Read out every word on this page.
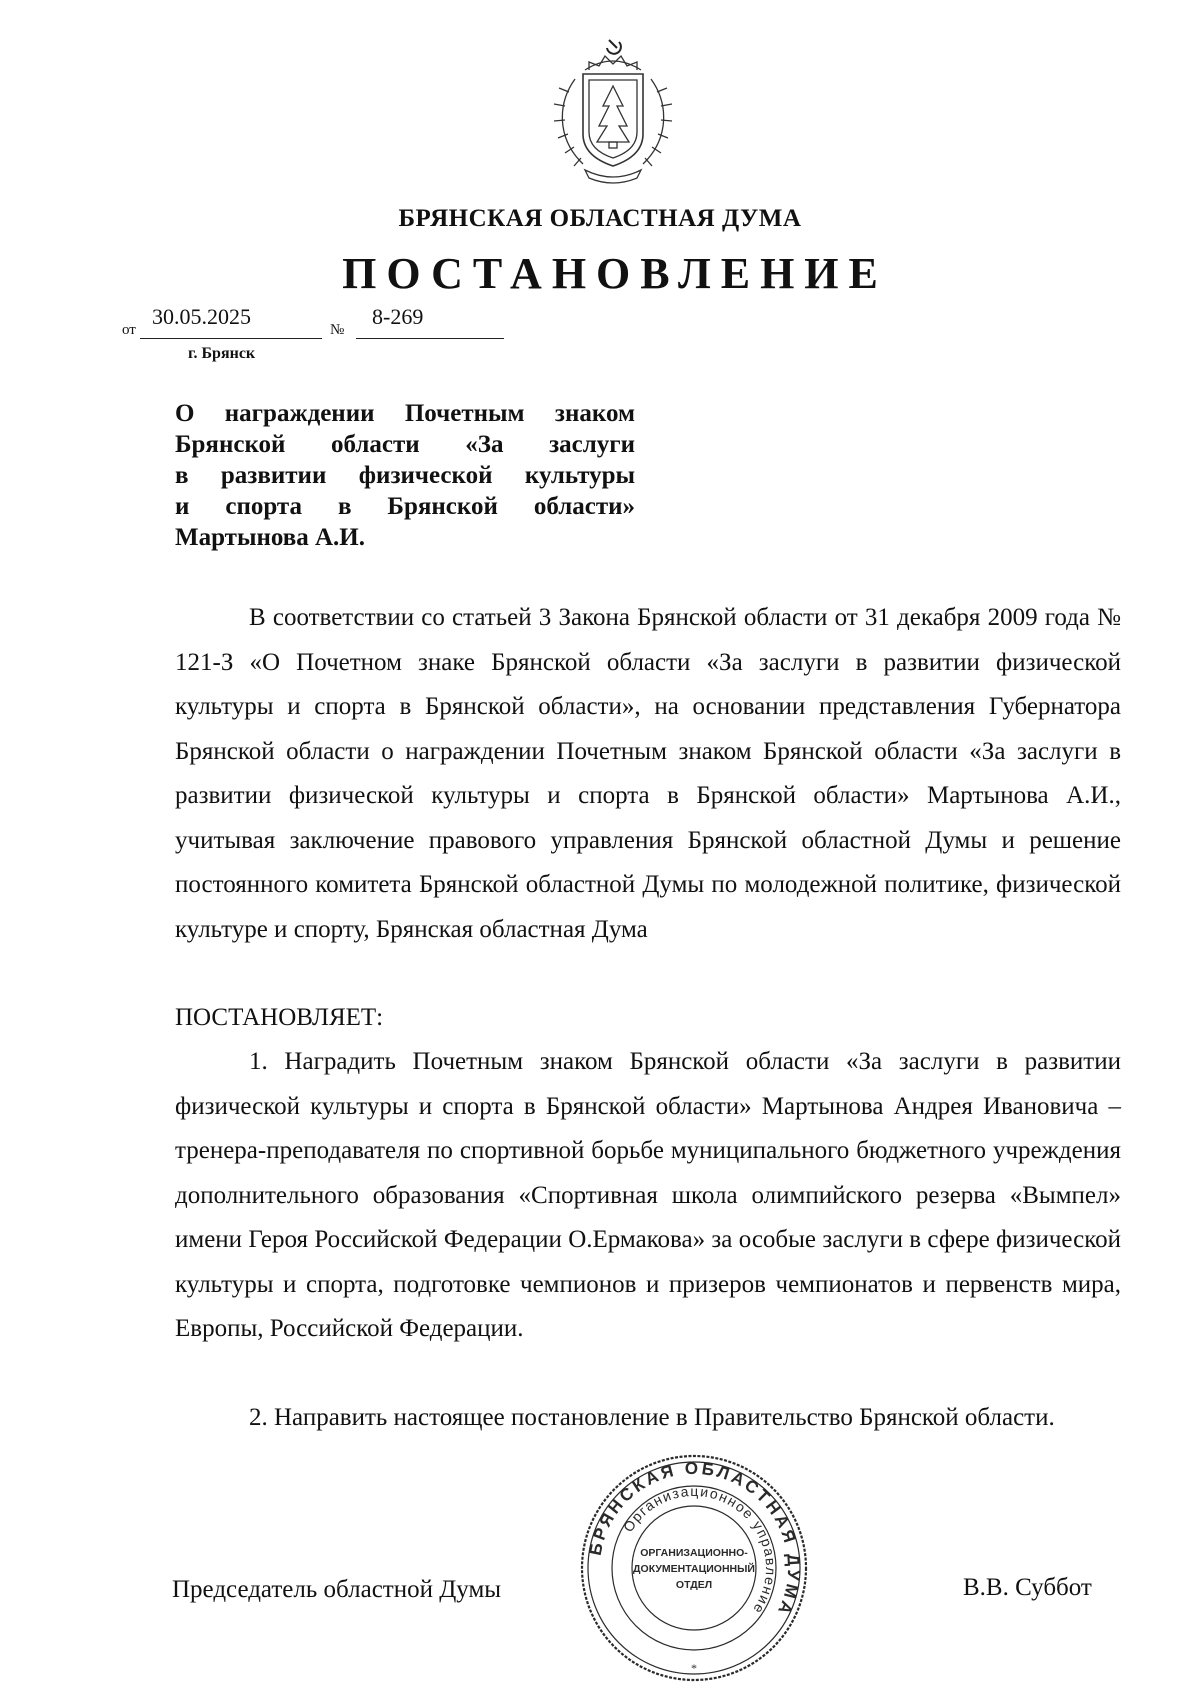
БРЯНСКАЯ ОБЛАСТНАЯ ДУМА
ПОСТАНОВЛЕНИЕ
от
30.05.2025
№
8-269
г. Брянск
О награждении Почетным знаком
Брянской области «За заслуги
в развитии физической культуры
и спорта в Брянской области»
Мартынова А.И.

В соответствии со статьей 3 Закона Брянской области от 31 декабря 2009 года № 121-З «О Почетном знаке Брянской области «За заслуги в развитии физической культуры и спорта в Брянской области», на основании представления Губернатора Брянской области о награждении Почетным знаком Брянской области «За заслуги в развитии физической культуры и спорта в Брянской области» Мартынова А.И., учитывая заключение правового управления Брянской областной Думы и решение постоянного комитета Брянской областной Думы по молодежной политике, физической культуре и спорту, Брянская областная Дума

ПОСТАНОВЛЯЕТ:

1. Наградить Почетным знаком Брянской области «За заслуги в развитии физической культуры и спорта в Брянской области» Мартынова Андрея Ивановича – тренера-преподавателя по спортивной борьбе муниципального бюджетного учреждения дополнительного образования «Спортивная школа олимпийского резерва «Вымпел» имени Героя Российской Федерации О.Ермакова» за особые заслуги в сфере физической культуры и спорта, подготовке чемпионов и призеров чемпионатов и первенств мира, Европы, Российской Федерации.

2. Направить настоящее постановление в Правительство Брянской области.

Председатель областной Думы	В.В. Суббот
БРЯНСКАЯ ОБЛАСТНАЯ ДУМА
Организационное управление
ОРГАНИЗАЦИОННО-
ДОКУМЕНТАЦИОННЫЙ
ОТДЕЛ
*
